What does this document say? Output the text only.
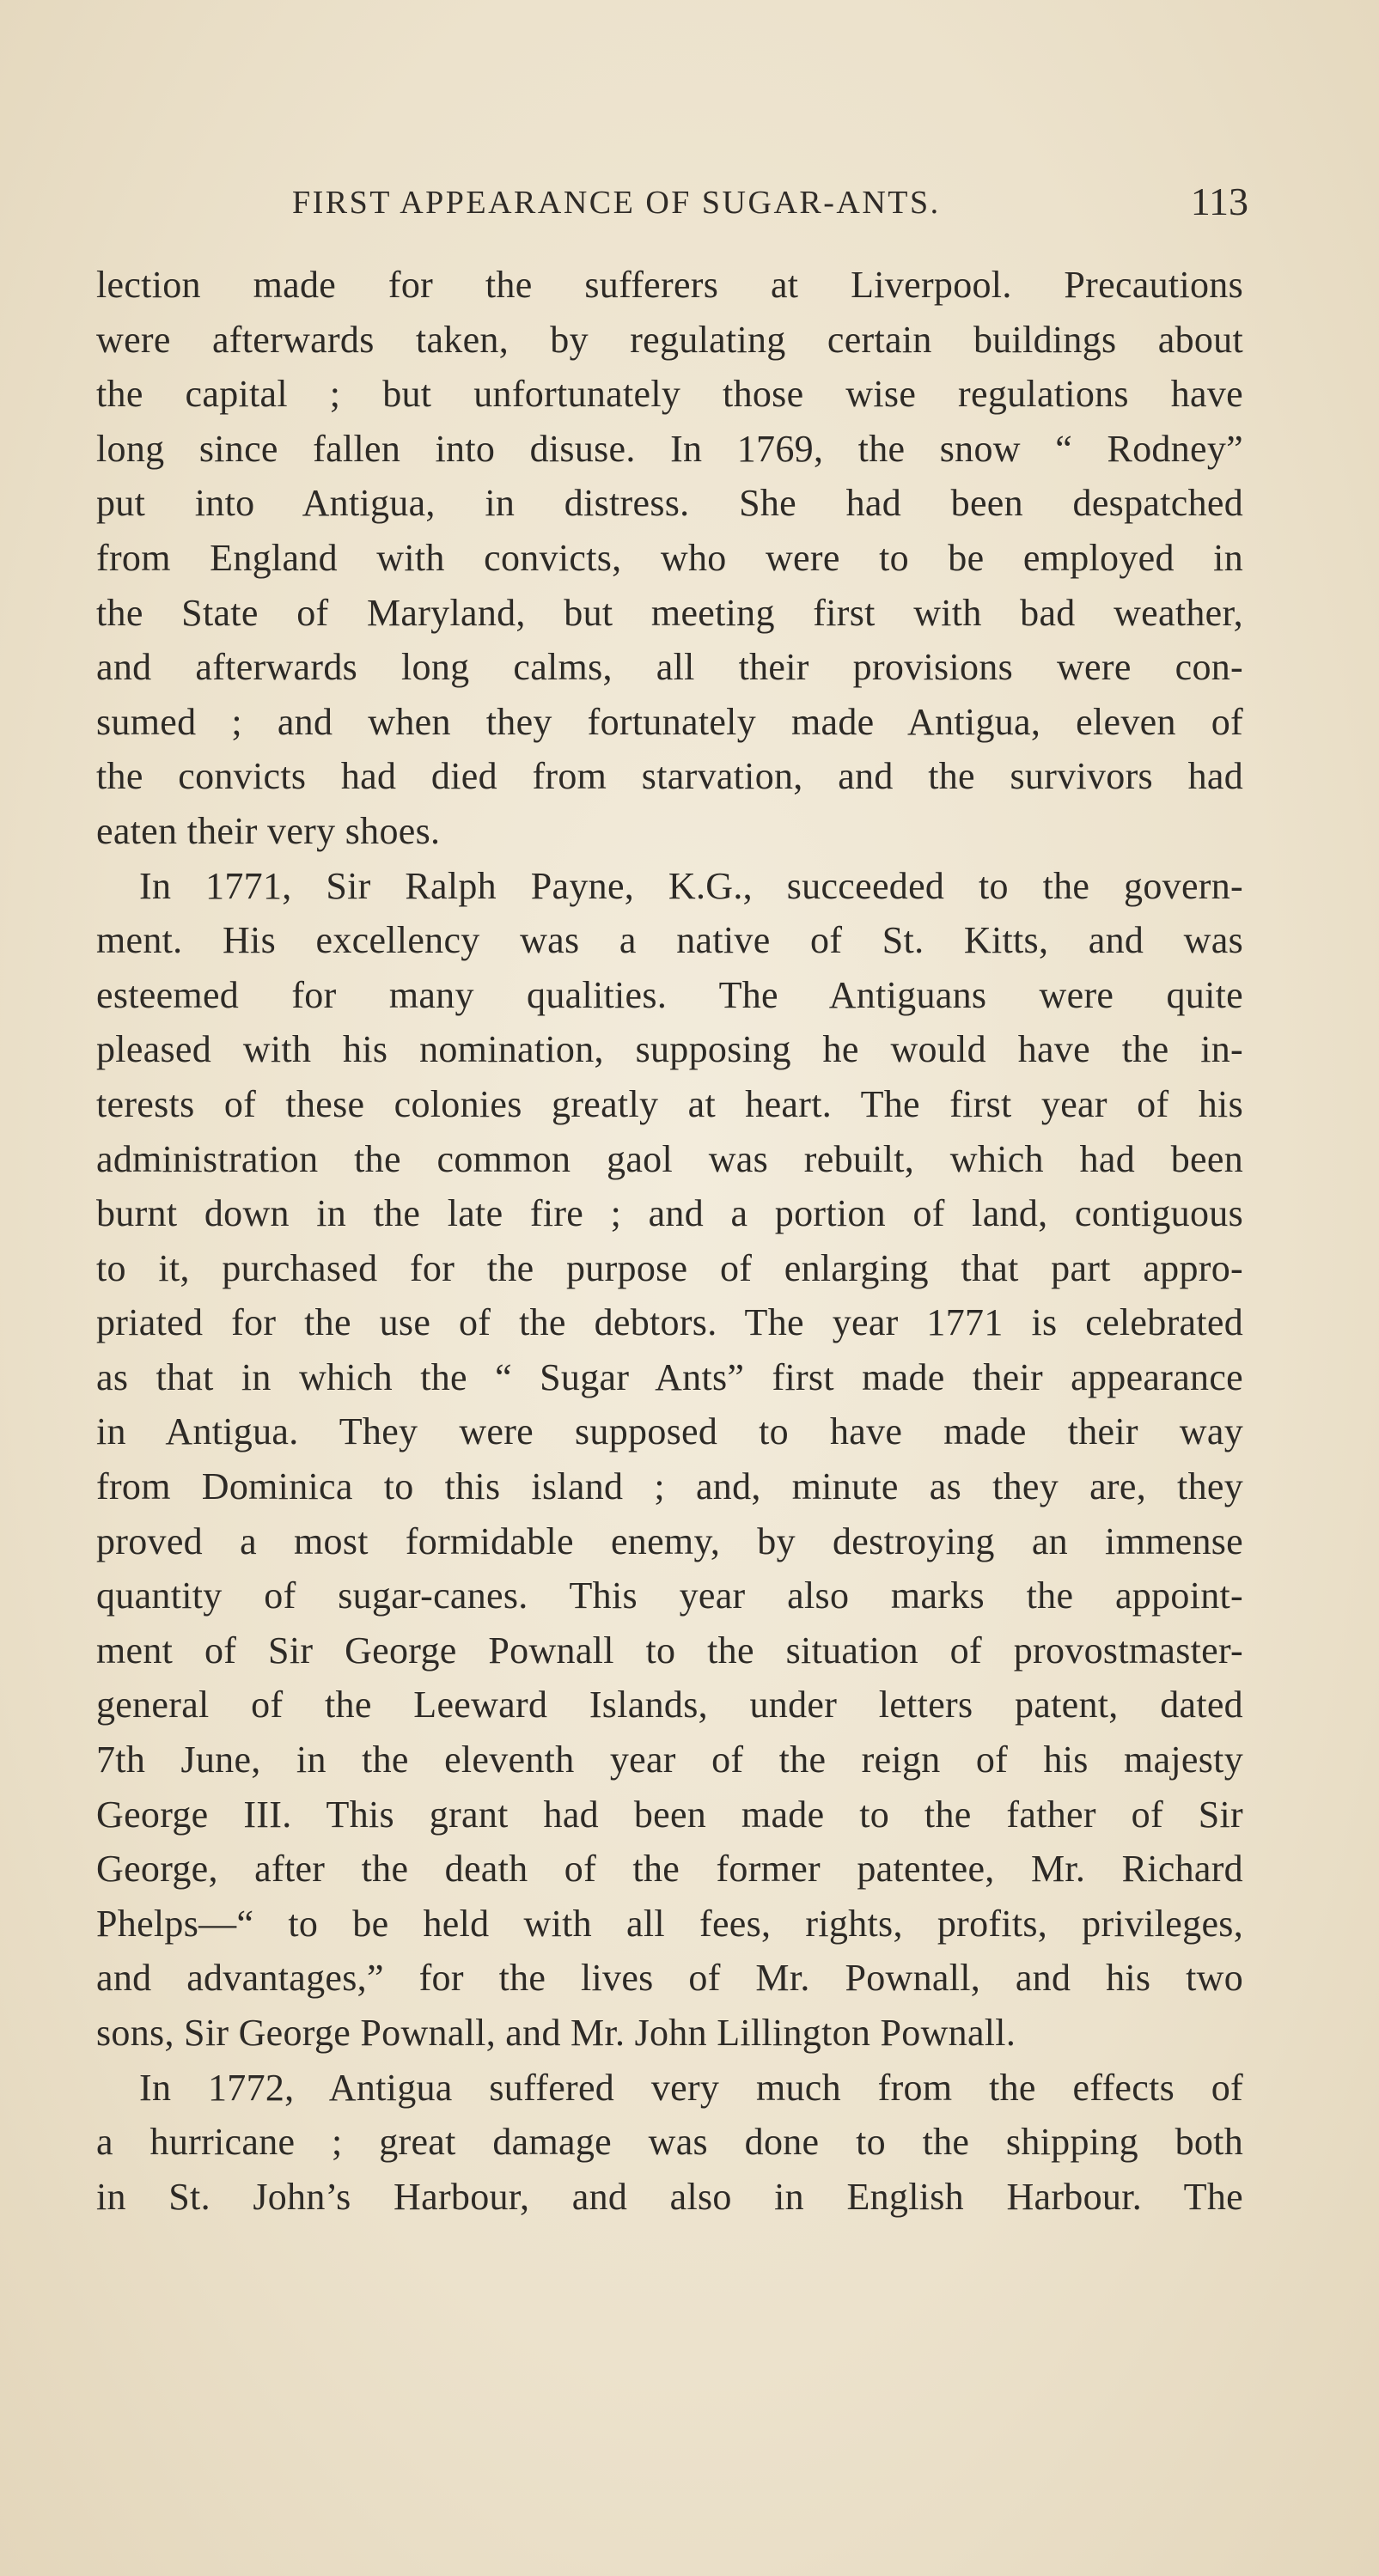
FIRST APPEARANCE OF SUGAR-ANTS.	113
lection made for the sufferers at Liverpool. Precautions
were afterwards taken, by regulating certain buildings about
the capital ; but unfortunately those wise regulations have
long since fallen into disuse. In 1769, the snow “ Rodney”
put into Antigua, in distress. She had been despatched
from England with convicts, who were to be employed in
the State of Maryland, but meeting first with bad weather,
and afterwards long calms, all their provisions were con-
sumed ; and when they fortunately made Antigua, eleven of
the convicts had died from starvation, and the survivors had
eaten their very shoes.
In 1771, Sir Ralph Payne, K.G., succeeded to the govern-
ment. His excellency was a native of St. Kitts, and was
esteemed for many qualities. The Antiguans were quite
pleased with his nomination, supposing he would have the in-
terests of these colonies greatly at heart. The first year of his
administration the common gaol was rebuilt, which had been
burnt down in the late fire ; and a portion of land, contiguous
to it, purchased for the purpose of enlarging that part appro-
priated for the use of the debtors. The year 1771 is celebrated
as that in which the “ Sugar Ants” first made their appearance
in Antigua. They were supposed to have made their way
from Dominica to this island ; and, minute as they are, they
proved a most formidable enemy, by destroying an immense
quantity of sugar-canes. This year also marks the appoint-
ment of Sir George Pownall to the situation of provostmaster-
general of the Leeward Islands, under letters patent, dated
7th June, in the eleventh year of the reign of his majesty
George III. This grant had been made to the father of Sir
George, after the death of the former patentee, Mr. Richard
Phelps—“ to be held with all fees, rights, profits, privileges,
and advantages,” for the lives of Mr. Pownall, and his two
sons, Sir George Pownall, and Mr. John Lillington Pownall.
In 1772, Antigua suffered very much from the effects of
a hurricane ; great damage was done to the shipping both
in St. John’s Harbour, and also in English Harbour. The
